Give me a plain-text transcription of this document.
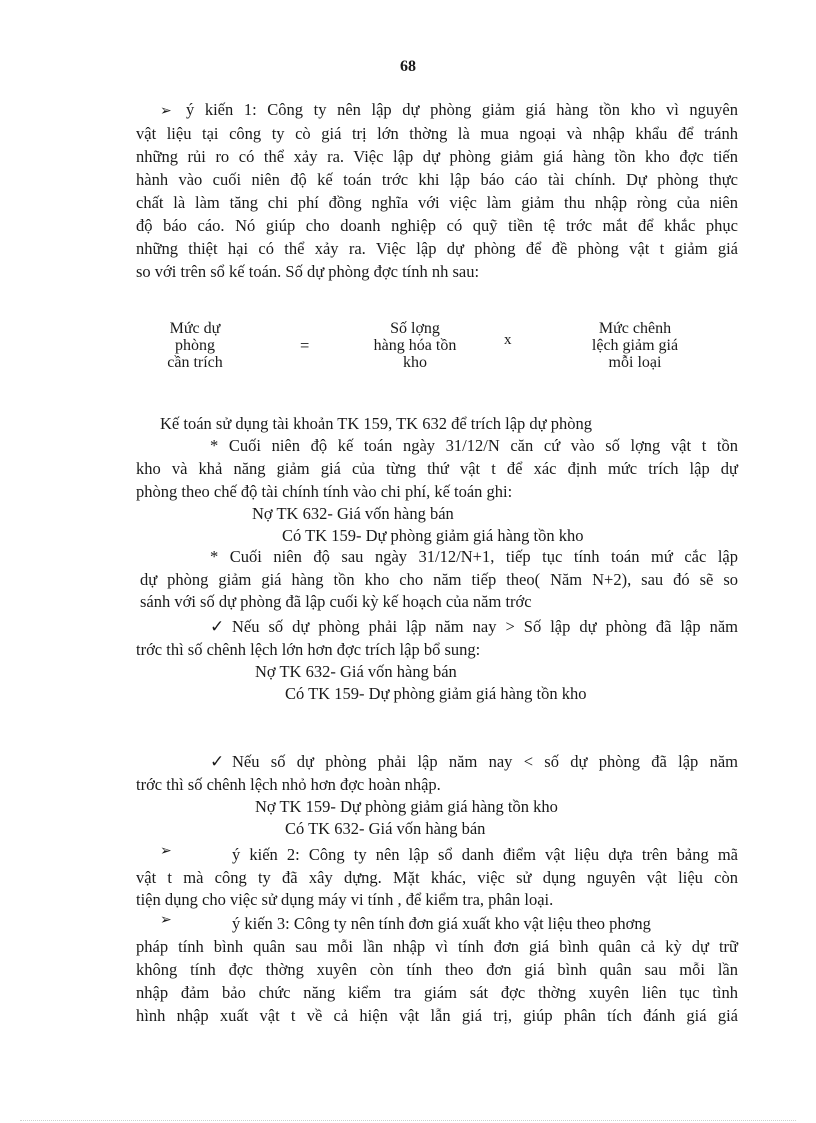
68
➢ ý kiến 1: Công ty nên lập dự phòng giảm giá hàng tồn kho vì nguyên
vật liệu tại công ty cò giá trị lớn thờng là mua ngoại và nhập khẩu để tránh
những rủi ro có thể xảy ra. Việc lập dự phòng giảm giá hàng tồn kho đợc tiến
hành vào cuối niên độ kế toán trớc khi lập báo cáo tài chính. Dự phòng thực
chất là làm tăng chi phí đồng nghĩa với việc làm giảm thu nhập ròng của niên
độ báo cáo. Nó giúp cho doanh nghiệp có quỹ tiền tệ trớc mắt để khắc phục
những thiệt hại có thể xảy ra. Việc lập dự phòng để đề phòng vật t giảm giá
so với trên sổ kế toán. Số dự phòng đợc tính nh sau:
Mức dự
phòng
cần trích
=
Số lợng
hàng hóa tồn
kho
x
Mức chênh
lệch giảm giá
mỗi loại
Kế toán sử dụng tài khoản TK 159, TK 632 để trích lập dự phòng
* Cuối niên độ kế toán ngày 31/12/N căn cứ vào số lợng vật t tồn
kho và khả năng giảm giá của từng thứ vật t để xác định mức trích lập dự
phòng theo chế độ tài chính tính vào chi phí, kế toán ghi:
Nợ TK 632- Giá vốn hàng bán
Có TK 159- Dự phòng giảm giá hàng tồn kho
* Cuối niên độ sau ngày 31/12/N+1, tiếp tục tính toán mứ cắc lập
dự phòng giảm giá hàng tồn kho cho năm tiếp theo( Năm N+2), sau đó sẽ so
sánh với số dự phòng đã lập cuối kỳ kế hoạch của năm trớc
✓ Nếu số dự phòng phải lập năm nay > Số lập dự phòng đã lập năm
trớc thì số chênh lệch lớn hơn đợc trích lập bổ sung:
Nợ TK 632- Giá vốn hàng bán
Có TK 159- Dự phòng giảm giá hàng tồn kho
✓ Nếu số dự phòng phải lập năm nay < số dự phòng đã lập năm
trớc thì số chênh lệch nhỏ hơn đợc hoàn nhập.
Nợ TK 159- Dự phòng giảm giá hàng tồn kho
Có TK 632- Giá vốn hàng bán
➢	ý kiến 2: Công ty nên lập sổ danh điểm vật liệu dựa trên bảng mã
vật t mà công ty đã xây dựng. Mặt khác, việc sử dụng nguyên vật liệu còn
tiện dụng cho việc sử dụng máy vi tính , để kiểm tra, phân loại.
➢	ý kiến 3: Công ty nên tính đơn giá xuất kho vật liệu theo phơng
pháp tính bình quân sau mỗi lần nhập vì tính đơn giá bình quân cả kỳ dự trữ
không tính đợc thờng xuyên còn tính theo đơn giá bình quân sau mỗi lần
nhập đảm bảo chức năng kiểm tra giám sát đợc thờng xuyên liên tục tình
hình nhập xuất vật t về cả hiện vật lẫn giá trị, giúp phân tích đánh giá giá
